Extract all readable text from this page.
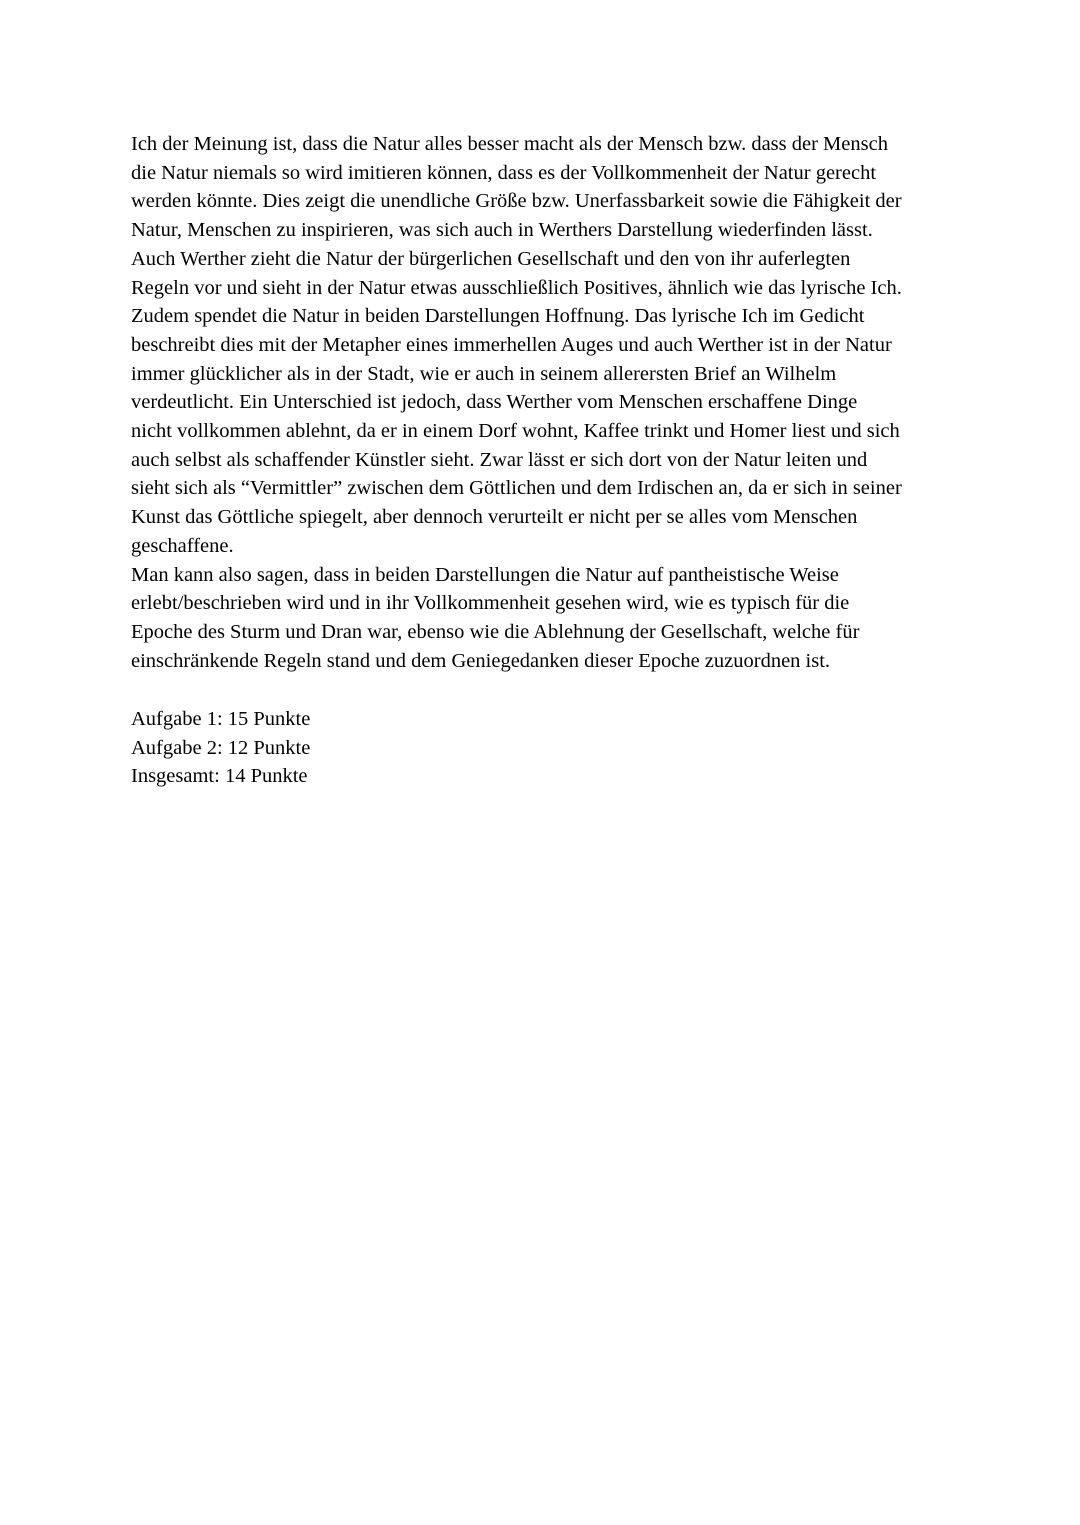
Ich der Meinung ist, dass die Natur alles besser macht als der Mensch bzw. dass der Mensch
die Natur niemals so wird imitieren können, dass es der Vollkommenheit der Natur gerecht
werden könnte. Dies zeigt die unendliche Größe bzw. Unerfassbarkeit sowie die Fähigkeit der
Natur, Menschen zu inspirieren, was sich auch in Werthers Darstellung wiederfinden lässt.
Auch Werther zieht die Natur der bürgerlichen Gesellschaft und den von ihr auferlegten
Regeln vor und sieht in der Natur etwas ausschließlich Positives, ähnlich wie das lyrische Ich.
Zudem spendet die Natur in beiden Darstellungen Hoffnung. Das lyrische Ich im Gedicht
beschreibt dies mit der Metapher eines immerhellen Auges und auch Werther ist in der Natur
immer glücklicher als in der Stadt, wie er auch in seinem allerersten Brief an Wilhelm
verdeutlicht. Ein Unterschied ist jedoch, dass Werther vom Menschen erschaffene Dinge
nicht vollkommen ablehnt, da er in einem Dorf wohnt, Kaffee trinkt und Homer liest und sich
auch selbst als schaffender Künstler sieht. Zwar lässt er sich dort von der Natur leiten und
sieht sich als “Vermittler” zwischen dem Göttlichen und dem Irdischen an, da er sich in seiner
Kunst das Göttliche spiegelt, aber dennoch verurteilt er nicht per se alles vom Menschen
geschaffene.
Man kann also sagen, dass in beiden Darstellungen die Natur auf pantheistische Weise
erlebt/beschrieben wird und in ihr Vollkommenheit gesehen wird, wie es typisch für die
Epoche des Sturm und Dran war, ebenso wie die Ablehnung der Gesellschaft, welche für
einschränkende Regeln stand und dem Geniegedanken dieser Epoche zuzuordnen ist.
Aufgabe 1: 15 Punkte
Aufgabe 2: 12 Punkte
Insgesamt: 14 Punkte
